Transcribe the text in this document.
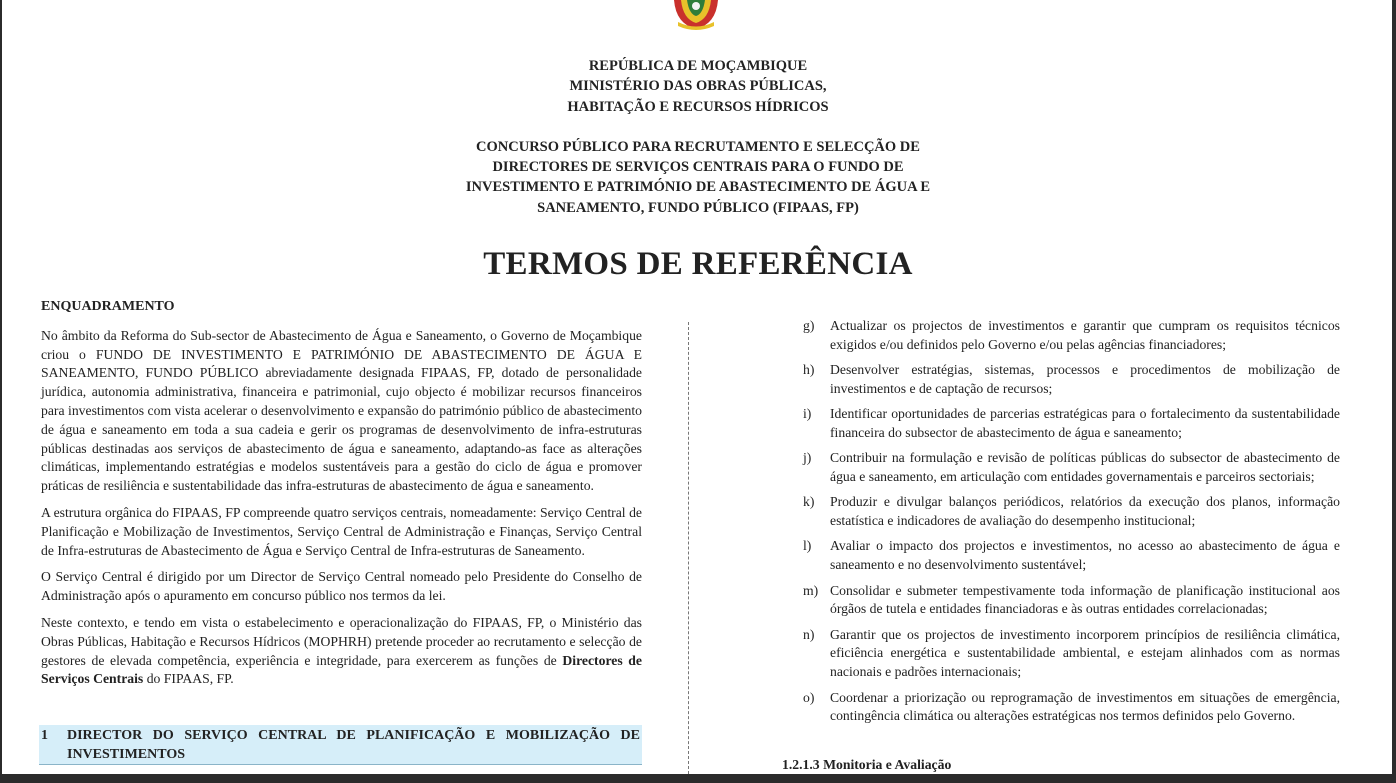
REPÚBLICA DE MOÇAMBIQUE
MINISTÉRIO DAS OBRAS PÚBLICAS,
HABITAÇÃO E RECURSOS HÍDRICOS
CONCURSO PÚBLICO PARA RECRUTAMENTO E SELECÇÃO DE
DIRECTORES DE SERVIÇOS CENTRAIS PARA O FUNDO DE
INVESTIMENTO E PATRIMÓNIO DE ABASTECIMENTO DE ÁGUA E
SANEAMENTO, FUNDO PÚBLICO (FIPAAS, FP)
TERMOS DE REFERÊNCIA
ENQUADRAMENTO

No âmbito da Reforma do Sub-sector de Abastecimento de Água e Saneamento, o Governo de Moçambique criou o FUNDO DE INVESTIMENTO E PATRIMÓNIO DE ABASTECIMENTO DE ÁGUA E SANEAMENTO, FUNDO PÚBLICO abreviadamente designada FIPAAS, FP, dotado de personalidade jurídica, autonomia administrativa, financeira e patrimonial, cujo objecto é mobilizar recursos financeiros para investimentos com vista acelerar o desenvolvimento e expansão do património público de abastecimento de água e saneamento em toda a sua cadeia e gerir os programas de desenvolvimento de infra-estruturas públicas destinadas aos serviços de abastecimento de água e saneamento, adaptando-as face as alterações climáticas, implementando estratégias e modelos sustentáveis para a gestão do ciclo de água e promover práticas de resiliência e sustentabilidade das infra-estruturas de abastecimento de água e saneamento.

A estrutura orgânica do FIPAAS, FP compreende quatro serviços centrais, nomeadamente: Serviço Central de Planificação e Mobilização de Investimentos, Serviço Central de Administração e Finanças, Serviço Central de Infra-estruturas de Abastecimento de Água e Serviço Central de Infra-estruturas de Saneamento.

O Serviço Central é dirigido por um Director de Serviço Central nomeado pelo Presidente do Conselho de Administração após o apuramento em concurso público nos termos da lei.

Neste contexto, e tendo em vista o estabelecimento e operacionalização do FIPAAS, FP, o Ministério das Obras Públicas, Habitação e Recursos Hídricos (MOPHRH) pretende proceder ao recrutamento e selecção de gestores de elevada competência, experiência e integridade, para exercerem as funções de Directores de Serviços Centrais do FIPAAS, FP.

1 DIRECTOR DO SERVIÇO CENTRAL DE PLANIFICAÇÃO E MOBILIZAÇÃO DE INVESTIMENTOS
g)	Actualizar os projectos de investimentos e garantir que cumpram os requisitos técnicos exigidos e/ou definidos pelo Governo e/ou pelas agências financiadores;
h)	Desenvolver estratégias, sistemas, processos e procedimentos de mobilização de investimentos e de captação de recursos;
i)	Identificar oportunidades de parcerias estratégicas para o fortalecimento da sustentabilidade financeira do subsector de abastecimento de água e saneamento;
j)	Contribuir na formulação e revisão de políticas públicas do subsector de abastecimento de água e saneamento, em articulação com entidades governamentais e parceiros sectoriais;
k)	Produzir e divulgar balanços periódicos, relatórios da execução dos planos, informação estatística e indicadores de avaliação do desempenho institucional;
l)	Avaliar o impacto dos projectos e investimentos, no acesso ao abastecimento de água e saneamento e no desenvolvimento sustentável;
m) Consolidar e submeter tempestivamente toda informação de planificação institucional aos órgãos de tutela e entidades financiadoras e às outras entidades correlacionadas;
n)	Garantir que os projectos de investimento incorporem princípios de resiliência climática, eficiência energética e sustentabilidade ambiental, e estejam alinhados com as normas nacionais e padrões internacionais;
o)	Coordenar a priorização ou reprogramação de investimentos em situações de emergência, contingência climática ou alterações estratégicas nos termos definidos pelo Governo.
1.2.1.3 Monitoria e Avaliação
